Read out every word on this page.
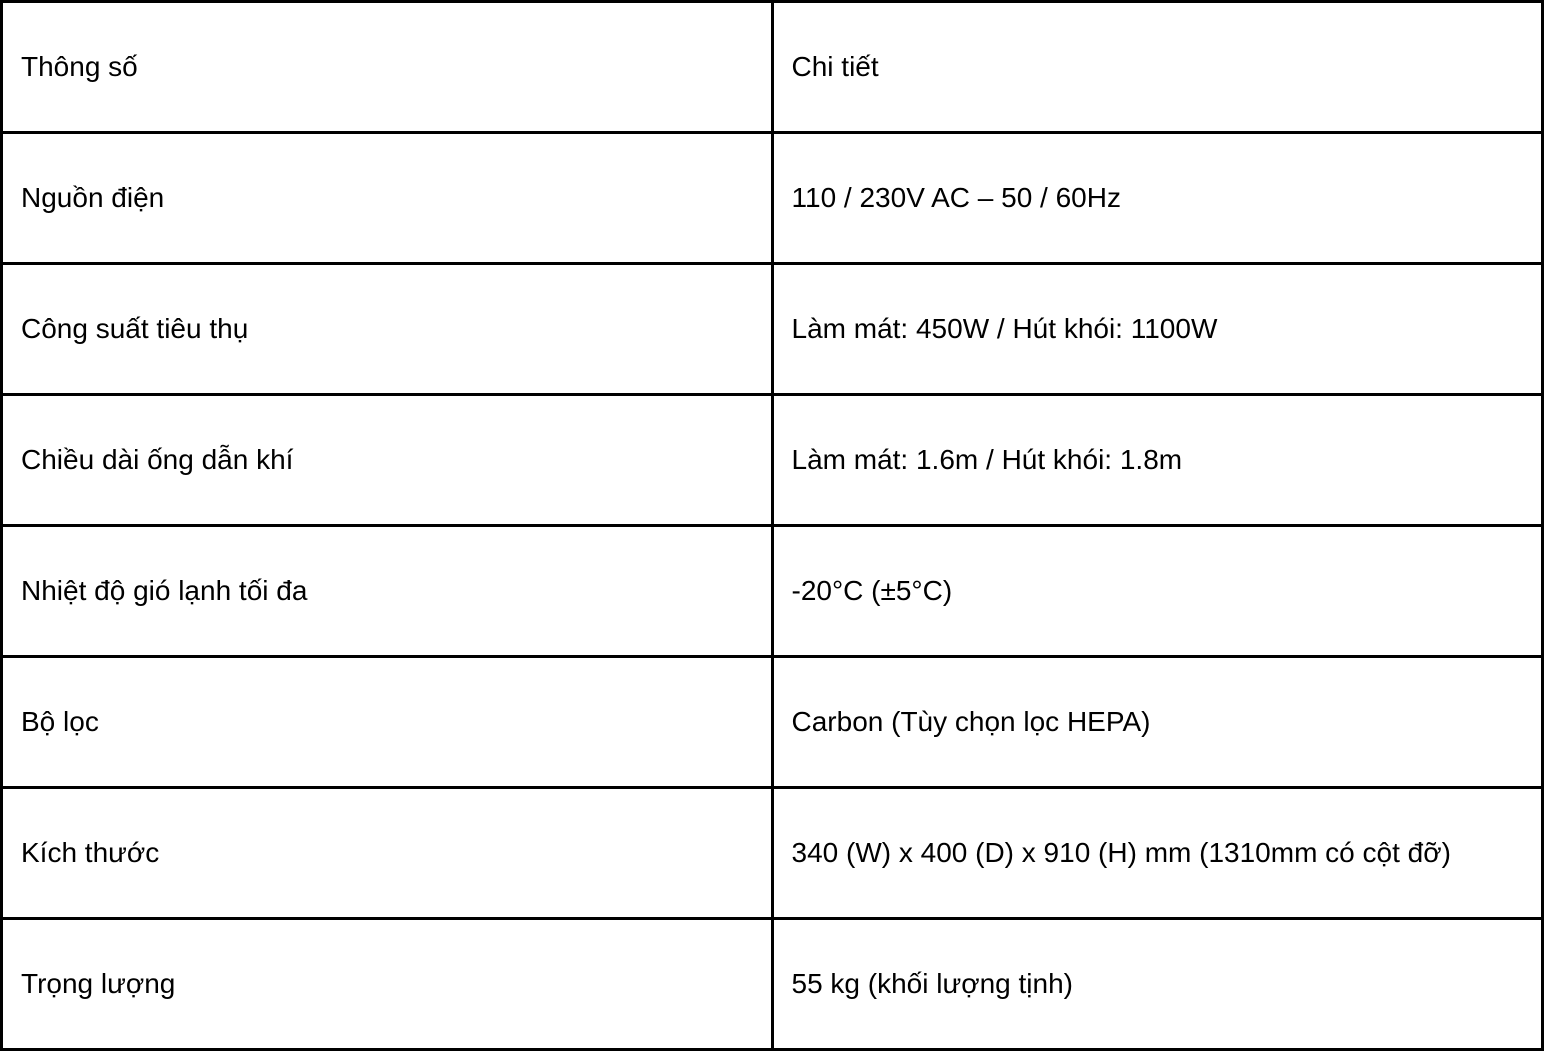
Thông số	Chi tiết
Nguồn điện	110 / 230V AC – 50 / 60Hz
Công suất tiêu thụ	Làm mát: 450W / Hút khói: 1100W
Chiều dài ống dẫn khí	Làm mát: 1.6m / Hút khói: 1.8m
Nhiệt độ gió lạnh tối đa	-20°C (±5°C)
Bộ lọc	Carbon (Tùy chọn lọc HEPA)
Kích thước	340 (W) x 400 (D) x 910 (H) mm (1310mm có cột đỡ)
Trọng lượng	55 kg (khối lượng tịnh)
